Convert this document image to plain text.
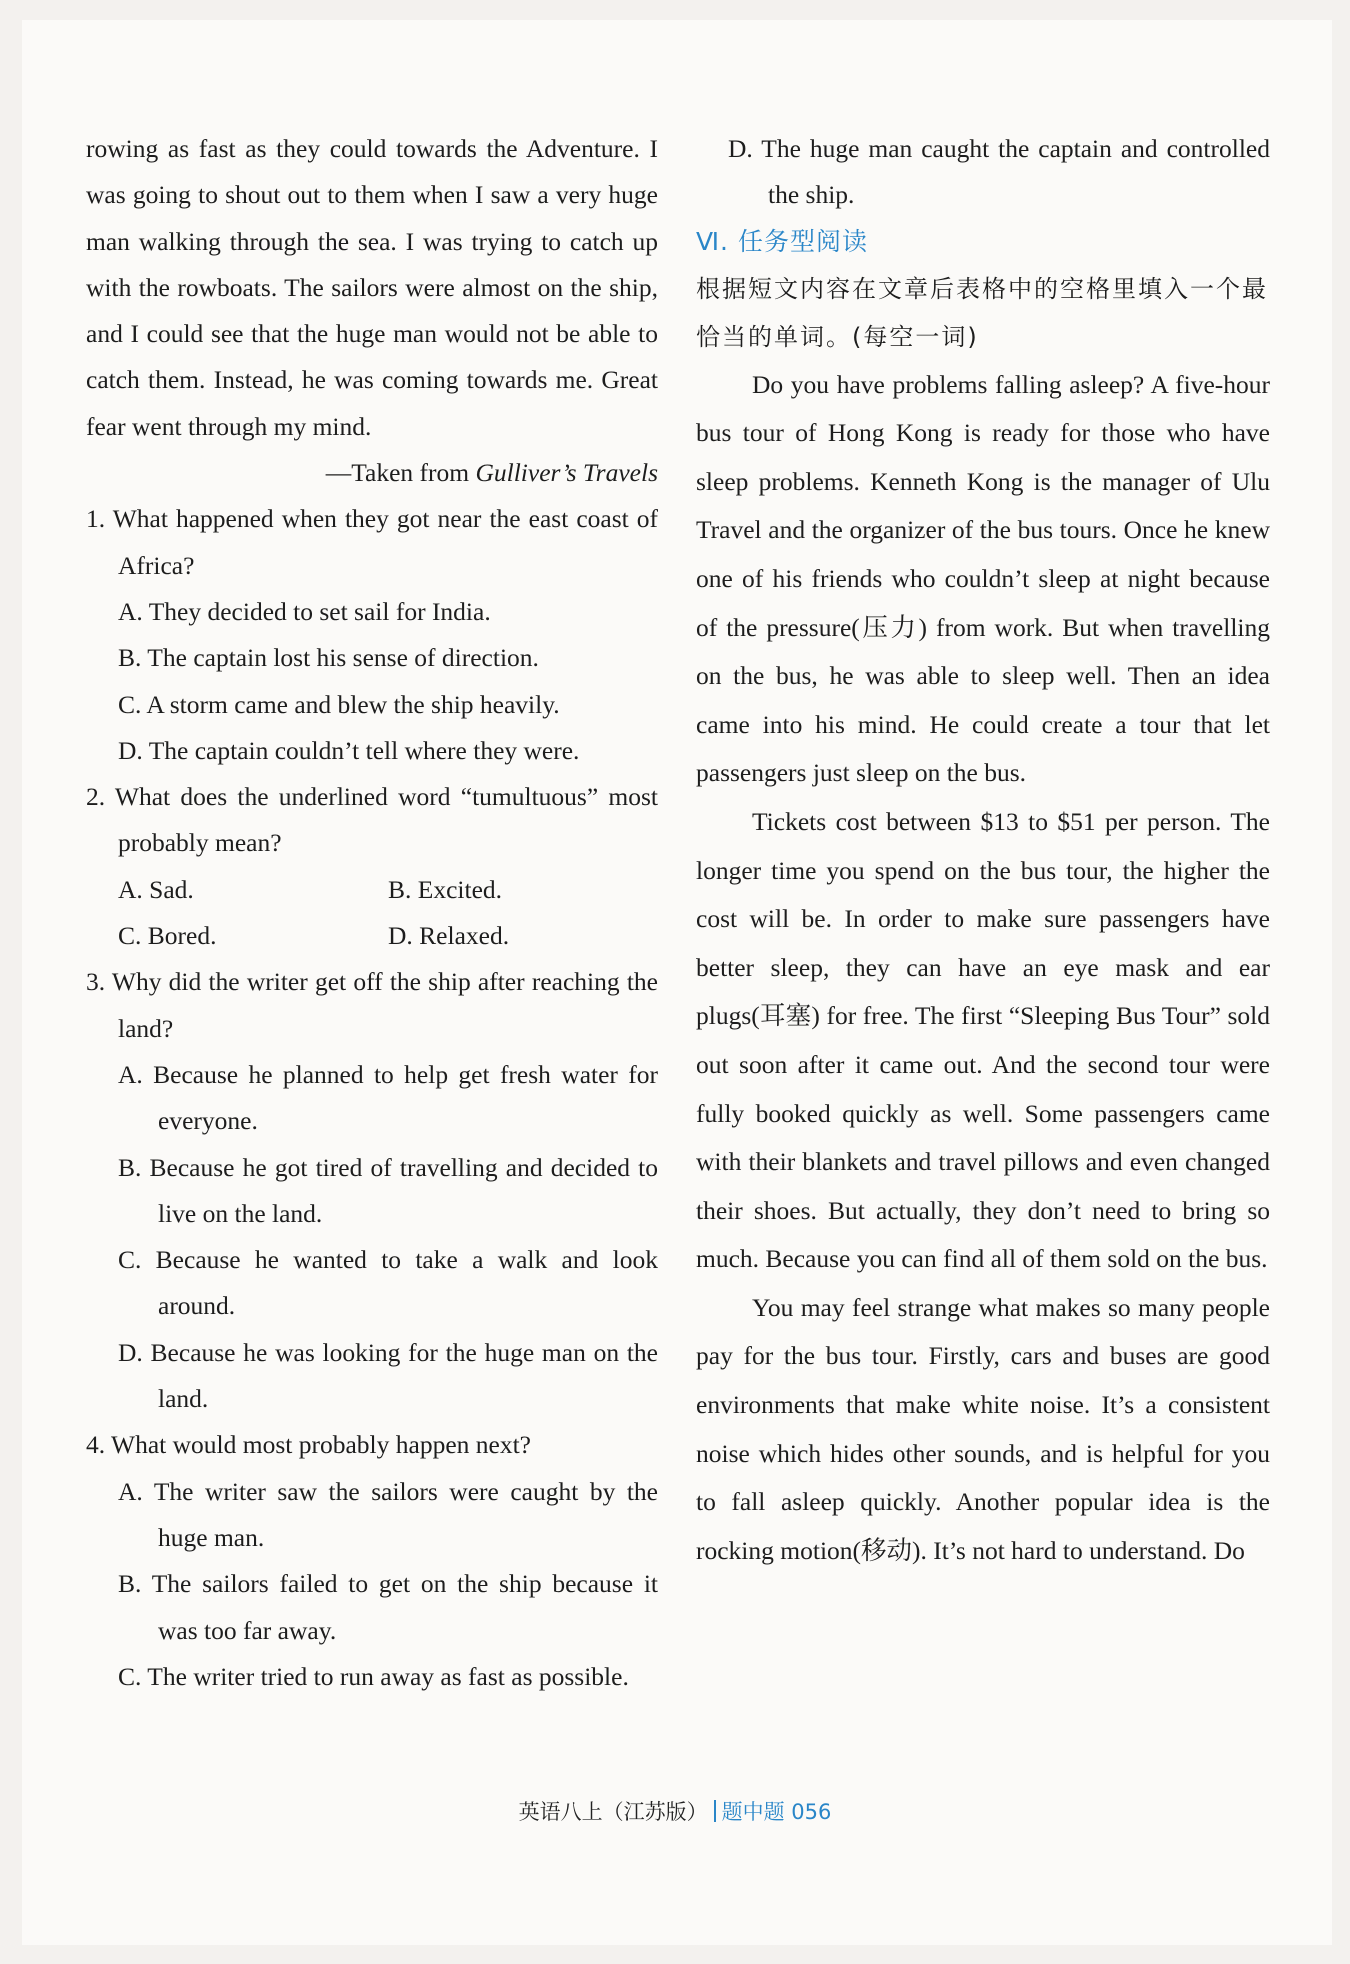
rowing as fast as they could towards the Adventure. I was going to shout out to them when I saw a very huge man walking through the sea. I was trying to catch up with the rowboats. The sailors were almost on the ship, and I could see that the huge man would not be able to catch them. Instead, he was coming towards me. Great fear went through my mind.

—Taken from Gulliver’s Travels

1. What happened when they got near the east coast of Africa?

A. They decided to set sail for India.

B. The captain lost his sense of direction.

C. A storm came and blew the ship heavily.

D. The captain couldn’t tell where they were.

2. What does the underlined word “tumultuous” most probably mean?

A. Sad.	B. Excited.
C. Bored.	D. Relaxed.

3. Why did the writer get off the ship after reaching the land?

A. Because he planned to help get fresh water for everyone.

B. Because he got tired of travelling and decided to live on the land.

C. Because he wanted to take a walk and look around.

D. Because he was looking for the huge man on the land.

4. What would most probably happen next?

A. The writer saw the sailors were caught by the huge man.

B. The sailors failed to get on the ship because it was too far away.

C. The writer tried to run away as fast as possible.

D. The huge man caught the captain and controlled the ship.

Ⅵ. 任务型阅读

根据短文内容在文章后表格中的空格里填入一个最恰当的单词。(每空一词)

Do you have problems falling asleep? A five-hour bus tour of Hong Kong is ready for those who have sleep problems. Kenneth Kong is the manager of Ulu Travel and the organizer of the bus tours. Once he knew one of his friends who couldn’t sleep at night because of the pressure(压力) from work. But when travelling on the bus, he was able to sleep well. Then an idea came into his mind. He could create a tour that let passengers just sleep on the bus.

Tickets cost between $13 to $51 per person. The longer time you spend on the bus tour, the higher the cost will be. In order to make sure passengers have better sleep, they can have an eye mask and ear plugs(耳塞) for free. The first “Sleeping Bus Tour” sold out soon after it came out. And the second tour were fully booked quickly as well. Some passengers came with their blankets and travel pillows and even changed their shoes. But actually, they don’t need to bring so much. Because you can find all of them sold on the bus.

You may feel strange what makes so many people pay for the bus tour. Firstly, cars and buses are good environments that make white noise. It’s a consistent noise which hides other sounds, and is helpful for you to fall asleep quickly. Another popular idea is the rocking motion(移动). It’s not hard to understand. Do

英语八上（江苏版） 题中题 056
